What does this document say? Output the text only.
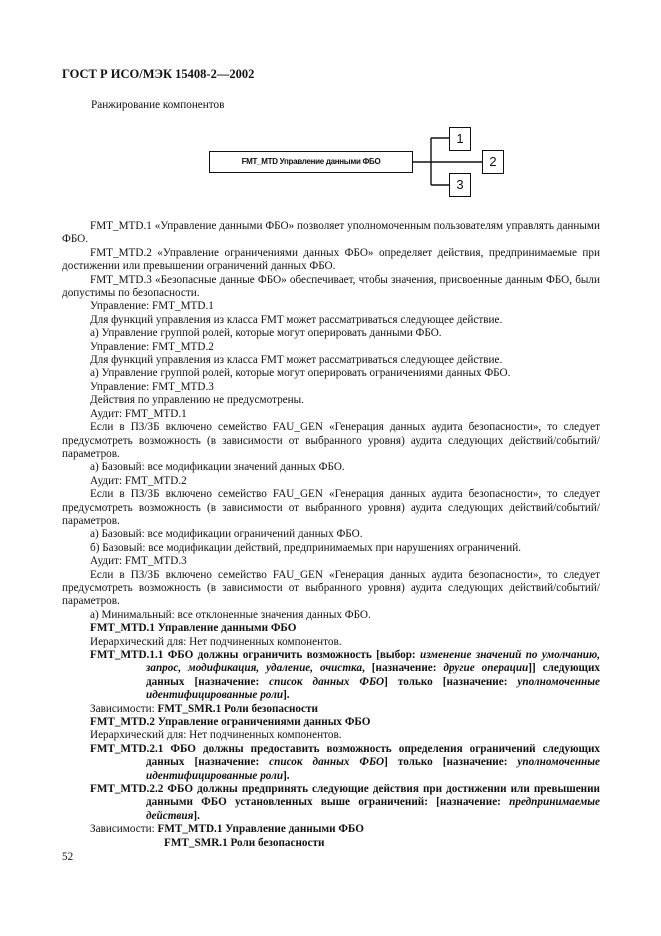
ГОСТ Р ИСО/МЭК 15408-2—2002
Ранжирование компонентов
FMT_MTD Управление данными ФБО
1
2
3

FMT_MTD.1 «Управление данными ФБО» позволяет уполномоченным пользователям управлять данными ФБО.

FMT_MTD.2 «Управление ограничениями данных ФБО» определяет действия, предпринимаемые при достижении или превышении ограничений данных ФБО.

FMT_MTD.3 «Безопасные данные ФБО» обеспечивает, чтобы значения, присвоенные данным ФБО, были допустимы по безопасности.

Управление: FMT_MTD.1

Для функций управления из класса FMT может рассматриваться следующее действие.

а) Управление группой ролей, которые могут оперировать данными ФБО.

Управление: FMT_MTD.2

Для функций управления из класса FMT может рассматриваться следующее действие.

а) Управление группой ролей, которые могут оперировать ограничениями данных ФБО.

Управление: FMT_MTD.3

Действия по управлению не предусмотрены.

Аудит: FMT_MTD.1

Если в ПЗ/ЗБ включено семейство FAU_GEN «Генерация данных аудита безопасности», то следует предусмотреть возможность (в зависимости от выбранного уровня) аудита следующих действий/событий/параметров.

а) Базовый: все модификации значений данных ФБО.

Аудит: FMT_MTD.2

Если в ПЗ/ЗБ включено семейство FAU_GEN «Генерация данных аудита безопасности», то следует предусмотреть возможность (в зависимости от выбранного уровня) аудита следующих действий/событий/параметров.

а) Базовый: все модификации ограничений данных ФБО.

б) Базовый: все модификации действий, предпринимаемых при нарушениях ограничений.

Аудит: FMT_MTD.3

Если в ПЗ/ЗБ включено семейство FAU_GEN «Генерация данных аудита безопасности», то следует предусмотреть возможность (в зависимости от выбранного уровня) аудита следующих действий/событий/параметров.

а) Минимальный: все отклоненные значения данных ФБО.

FMT_MTD.1 Управление данными ФБО

Иерархический для: Нет подчиненных компонентов.

FMT_MTD.1.1 ФБО должны ограничить возможность [выбор: изменение значений по умолчанию, запрос, модификация, удаление, очистка, [назначение: другие операции]] следующих данных [назначение: список данных ФБО] только [назначение: уполномоченные идентифицированные роли].

Зависимости: FMT_SMR.1 Роли безопасности

FMT_MTD.2 Управление ограничениями данных ФБО

Иерархический для: Нет подчиненных компонентов.

FMT_MTD.2.1 ФБО должны предоставить возможность определения ограничений следующих данных [назначение: список данных ФБО] только [назначение: уполномоченные идентифицированные роли].

FMT_MTD.2.2 ФБО должны предпринять следующие действия при достижении или превышении данными ФБО установленных выше ограничений: [назначение: предпринимаемые действия].

Зависимости: FMT_MTD.1 Управление данными ФБО

FMT_SMR.1 Роли безопасности

52
